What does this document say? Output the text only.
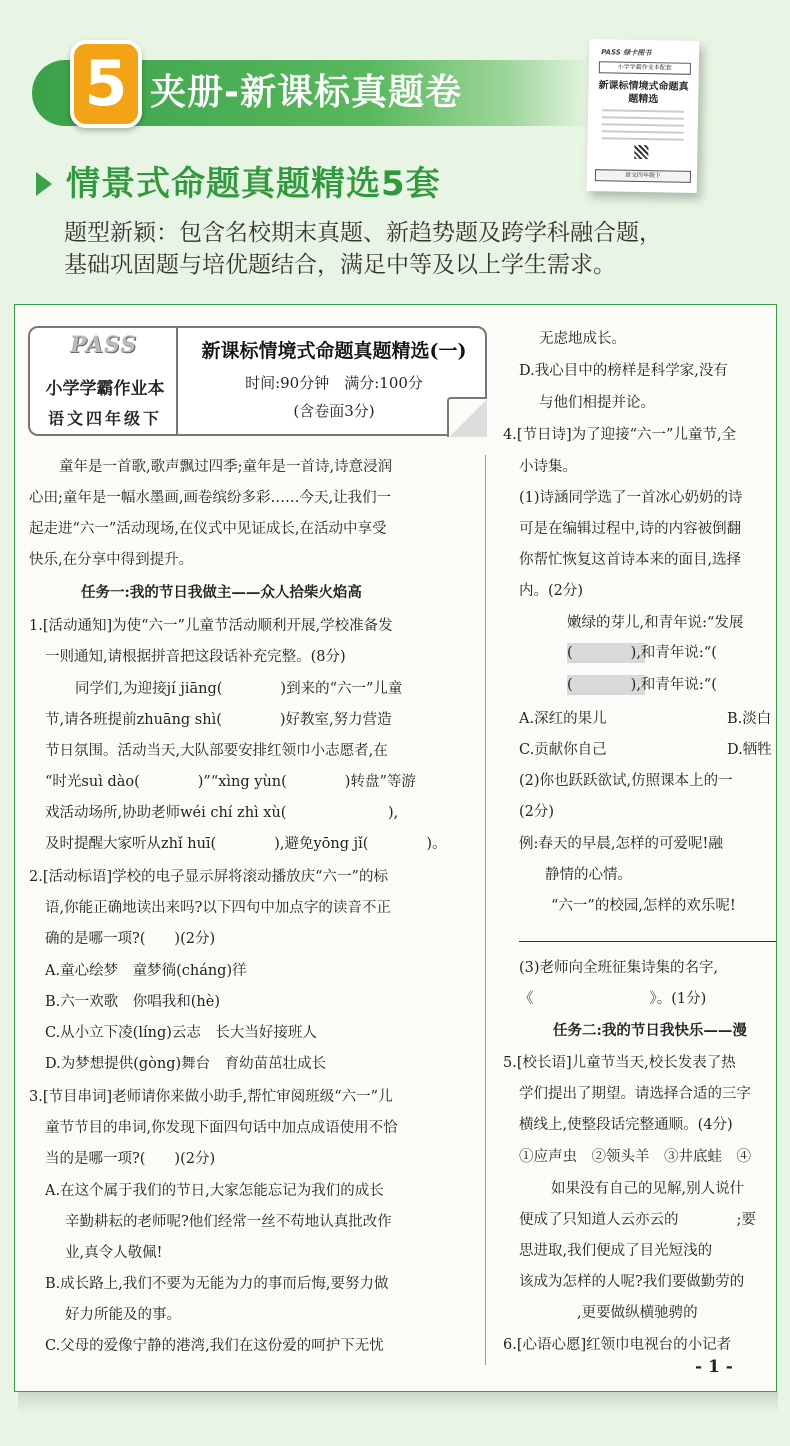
5 夹册-新课标真题卷
PASS 绿卡图书
小学学霸作业本配套
新课标情境式命题真题精选
语文四年级下
情景式命题真题精选5套
题型新颖：包含名校期末真题、新趋势题及跨学科融合题，
基础巩固题与培优题结合，满足中等及以上学生需求。
PASS
小学学霸作业本
语文四年级下
新课标情境式命题真题精选(一)
时间:90分钟　满分:100分
(含卷面3分)
童年是一首歌,歌声飘过四季;童年是一首诗,诗意浸润
心田;童年是一幅水墨画,画卷缤纷多彩……今天,让我们一
起走进“六一”活动现场,在仪式中见证成长,在活动中享受
快乐,在分享中得到提升。
任务一:我的节日我做主——众人拾柴火焰高
1.[活动通知]为使“六一”儿童节活动顺利开展,学校准备发
一则通知,请根据拼音把这段话补充完整。(8分)
同学们,为迎接jí jiāng(　　　　)到来的“六一”儿童
节,请各班提前zhuāng shì(　　　　)好教室,努力营造
节日氛围。活动当天,大队部要安排红领巾小志愿者,在
“时光suì dào(　　　　)”“xìng yùn(　　　　)转盘”等游
戏活动场所,协助老师wéi chí zhì xù(　　　　　　　),
及时提醒大家听从zhǐ huī(　　　　),避免yōng jǐ(　　　　)。
2.[活动标语]学校的电子显示屏将滚动播放庆“六一”的标
语,你能正确地读出来吗?以下四句中加点字的读音不正
确的是哪一项?(　　)(2分)
A.童心绘梦　童梦徜(cháng)徉
B.六一欢歌　你唱我和(hè)
C.从小立下凌(líng)云志　长大当好接班人
D.为梦想提供(gòng)舞台　育幼苗茁壮成长
3.[节目串词]老师请你来做小助手,帮忙审阅班级“六一”儿
童节节目的串词,你发现下面四句话中加点成语使用不恰
当的是哪一项?(　　)(2分)
A.在这个属于我们的节日,大家怎能忘记为我们的成长
辛勤耕耘的老师呢?他们经常一丝不苟地认真批改作
业,真令人敬佩!
B.成长路上,我们不要为无能为力的事而后悔,要努力做
好力所能及的事。
C.父母的爱像宁静的港湾,我们在这份爱的呵护下无忧
无虑地成长。
D.我心目中的榜样是科学家,没有
与他们相提并论。
4.[节日诗]为了迎接“六一”儿童节,全
小诗集。
(1)诗涵同学选了一首冰心奶奶的诗
可是在编辑过程中,诗的内容被倒翻
你帮忙恢复这首诗本来的面目,选择
内。(2分)
嫩绿的芽儿,和青年说:“发展
(　　　　),和青年说:“(
(　　　　),和青年说:“(
A.深红的果儿	B.淡白
C.贡献你自己	D.牺牲
(2)你也跃跃欲试,仿照课本上的一
(2分)
例:春天的早晨,怎样的可爱呢!融
静情的心情。
“六一”的校园,怎样的欢乐呢!
(3)老师向全班征集诗集的名字,
《　　　　　　　　》。(1分)
任务二:我的节日我快乐——漫
5.[校长语]儿童节当天,校长发表了热
学们提出了期望。请选择合适的三字
横线上,使整段话完整通顺。(4分)
①应声虫　②领头羊　③井底蛙　④
如果没有自己的见解,别人说什
便成了只知道人云亦云的　　　　;要
思进取,我们便成了目光短浅的
该成为怎样的人呢?我们要做勤劳的
　　　　,更要做纵横驰骋的
6.[心语心愿]红领巾电视台的小记者
- 1 -
